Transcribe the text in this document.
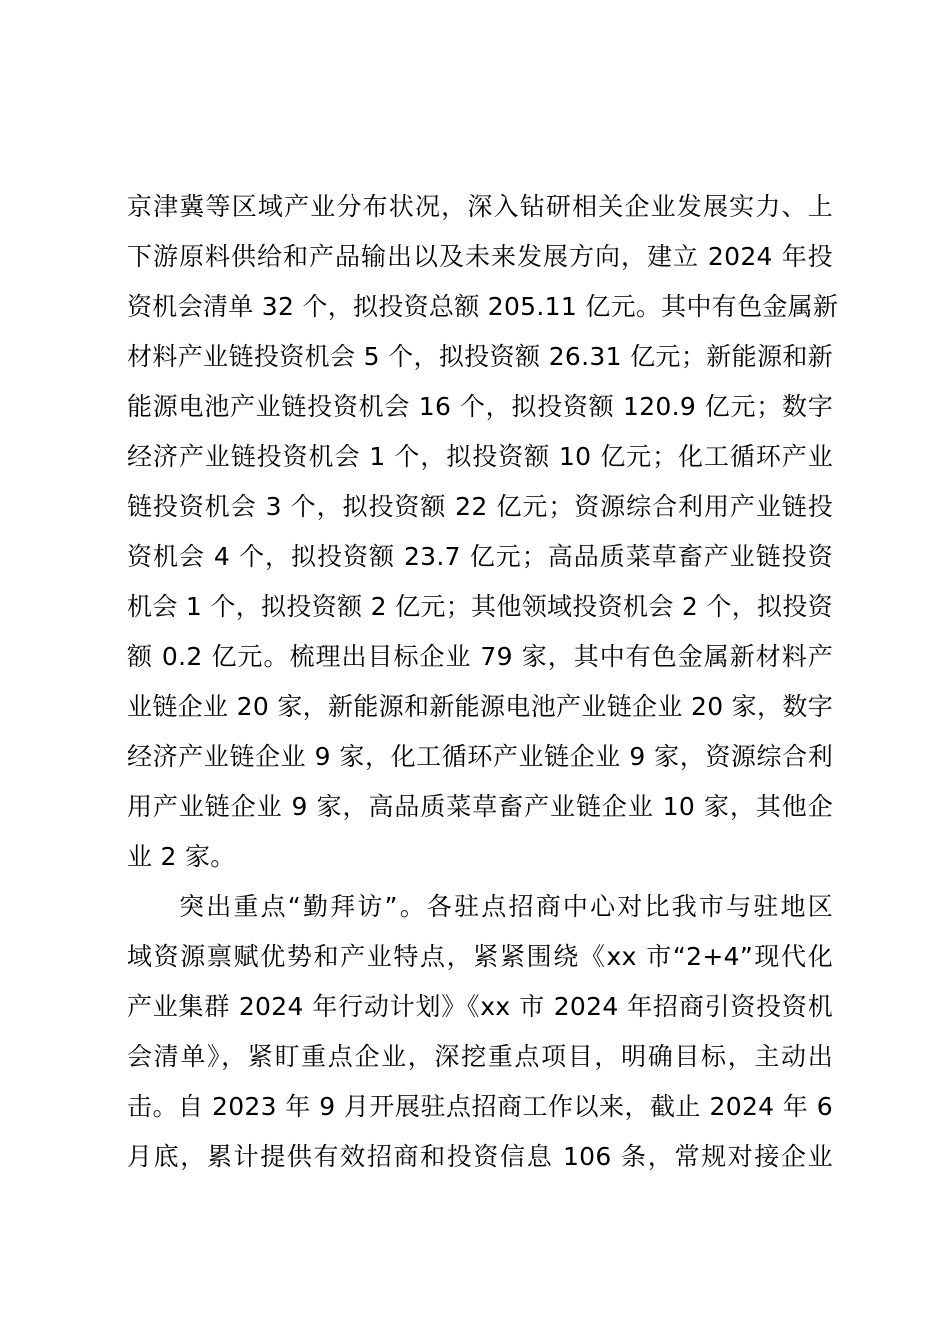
京津冀等区域产业分布状况，深入钻研相关企业发展实力、上
下游原料供给和产品输出以及未来发展方向，建立 2024 年投
资机会清单 32 个，拟投资总额 205.11 亿元。其中有色金属新
材料产业链投资机会 5 个，拟投资额 26.31 亿元；新能源和新
能源电池产业链投资机会 16 个，拟投资额 120.9 亿元；数字
经济产业链投资机会 1 个，拟投资额 10 亿元；化工循环产业
链投资机会 3 个，拟投资额 22 亿元；资源综合利用产业链投
资机会 4 个，拟投资额 23.7 亿元；高品质菜草畜产业链投资
机会 1 个，拟投资额 2 亿元；其他领域投资机会 2 个，拟投资
额 0.2 亿元。梳理出目标企业 79 家，其中有色金属新材料产
业链企业 20 家，新能源和新能源电池产业链企业 20 家，数字
经济产业链企业 9 家，化工循环产业链企业 9 家，资源综合利
用产业链企业 9 家，高品质菜草畜产业链企业 10 家，其他企
业 2 家。
突出重点“勤拜访”。各驻点招商中心对比我市与驻地区
域资源禀赋优势和产业特点，紧紧围绕《xx 市“2+4”现代化
产业集群 2024 年行动计划》《xx 市 2024 年招商引资投资机
会清单》，紧盯重点企业，深挖重点项目，明确目标，主动出
击。自 2023 年 9 月开展驻点招商工作以来，截止 2024 年 6
月底，累计提供有效招商和投资信息 106 条，常规对接企业
